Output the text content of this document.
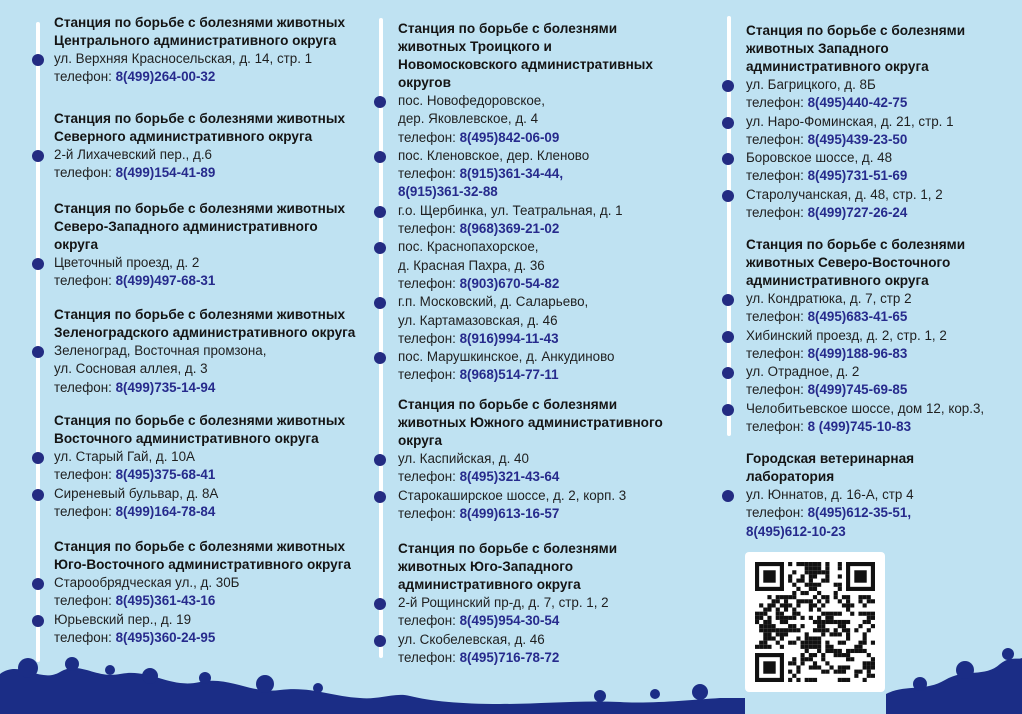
Станция по борьбе с болезнями животных
Центрального административного округа
ул. Верхняя Красносельская, д. 14, стр. 1
телефон: 8(499)264-00-32
Станция по борьбе с болезнями животных
Северного административного округа
2-й Лихачевский пер., д.6
телефон: 8(499)154-41-89
Станция по борьбе с болезнями животных
Северо-Западного административного
округа
Цветочный проезд, д. 2
телефон: 8(499)497-68-31
Станция по борьбе с болезнями животных
Зеленоградского административного округа
Зеленоград, Восточная промзона,
ул. Сосновая аллея, д. 3
телефон: 8(499)735-14-94
Станция по борьбе с болезнями животных
Восточного административного округа
ул. Старый Гай, д. 10А
телефон: 8(495)375-68-41
Сиреневый бульвар, д. 8А
телефон: 8(499)164-78-84
Станция по борьбе с болезнями животных
Юго-Восточного административного округа
Старообрядческая ул., д. 30Б
телефон: 8(495)361-43-16
Юрьевский пер., д. 19
телефон: 8(495)360-24-95
Станция по борьбе с болезнями
животных Троицкого и
Новомосковского административных
округов
пос. Новофедоровское,
дер. Яковлевское, д. 4
телефон: 8(495)842-06-09
пос. Кленовское, дер. Кленово
телефон: 8(915)361-34-44,
8(915)361-32-88
г.о. Щербинка, ул. Театральная, д. 1
телефон: 8(968)369-21-02
пос. Краснопахорское,
д. Красная Пахра, д. 36
телефон: 8(903)670-54-82
г.п. Московский, д. Саларьево,
ул. Картамазовская, д. 46
телефон: 8(916)994-11-43
пос. Марушкинское, д. Анкудиново
телефон: 8(968)514-77-11
Станция по борьбе с болезнями
животных Южного административного
округа
ул. Каспийская, д. 40
телефон: 8(495)321-43-64
Старокаширское шоссе, д. 2, корп. 3
телефон: 8(499)613-16-57
Станция по борьбе с болезнями
животных Юго-Западного
административного округа
2-й Рощинский пр-д, д. 7, стр. 1, 2
телефон: 8(495)954-30-54
ул. Скобелевская, д. 46
телефон: 8(495)716-78-72
Станция по борьбе с болезнями
животных Западного
административного округа
ул. Багрицкого, д. 8Б
телефон: 8(495)440-42-75
ул. Наро-Фоминская, д. 21, стр. 1
телефон: 8(495)439-23-50
Боровское шоссе, д. 48
телефон: 8(495)731-51-69
Старолучанская, д. 48, стр. 1, 2
телефон: 8(499)727-26-24
Станция по борьбе с болезнями
животных Северо-Восточного
административного округа
ул. Кондратюка, д. 7, стр 2
телефон: 8(495)683-41-65
Хибинский проезд, д. 2, стр. 1, 2
телефон: 8(499)188-96-83
ул. Отрадное, д. 2
телефон: 8(499)745-69-85
Челобитьевское шоссе, дом 12, кор.3,
телефон: 8 (499)745-10-83
Городская ветеринарная
лаборатория
ул. Юннатов, д. 16-А, стр 4
телефон: 8(495)612-35-51,
8(495)612-10-23
